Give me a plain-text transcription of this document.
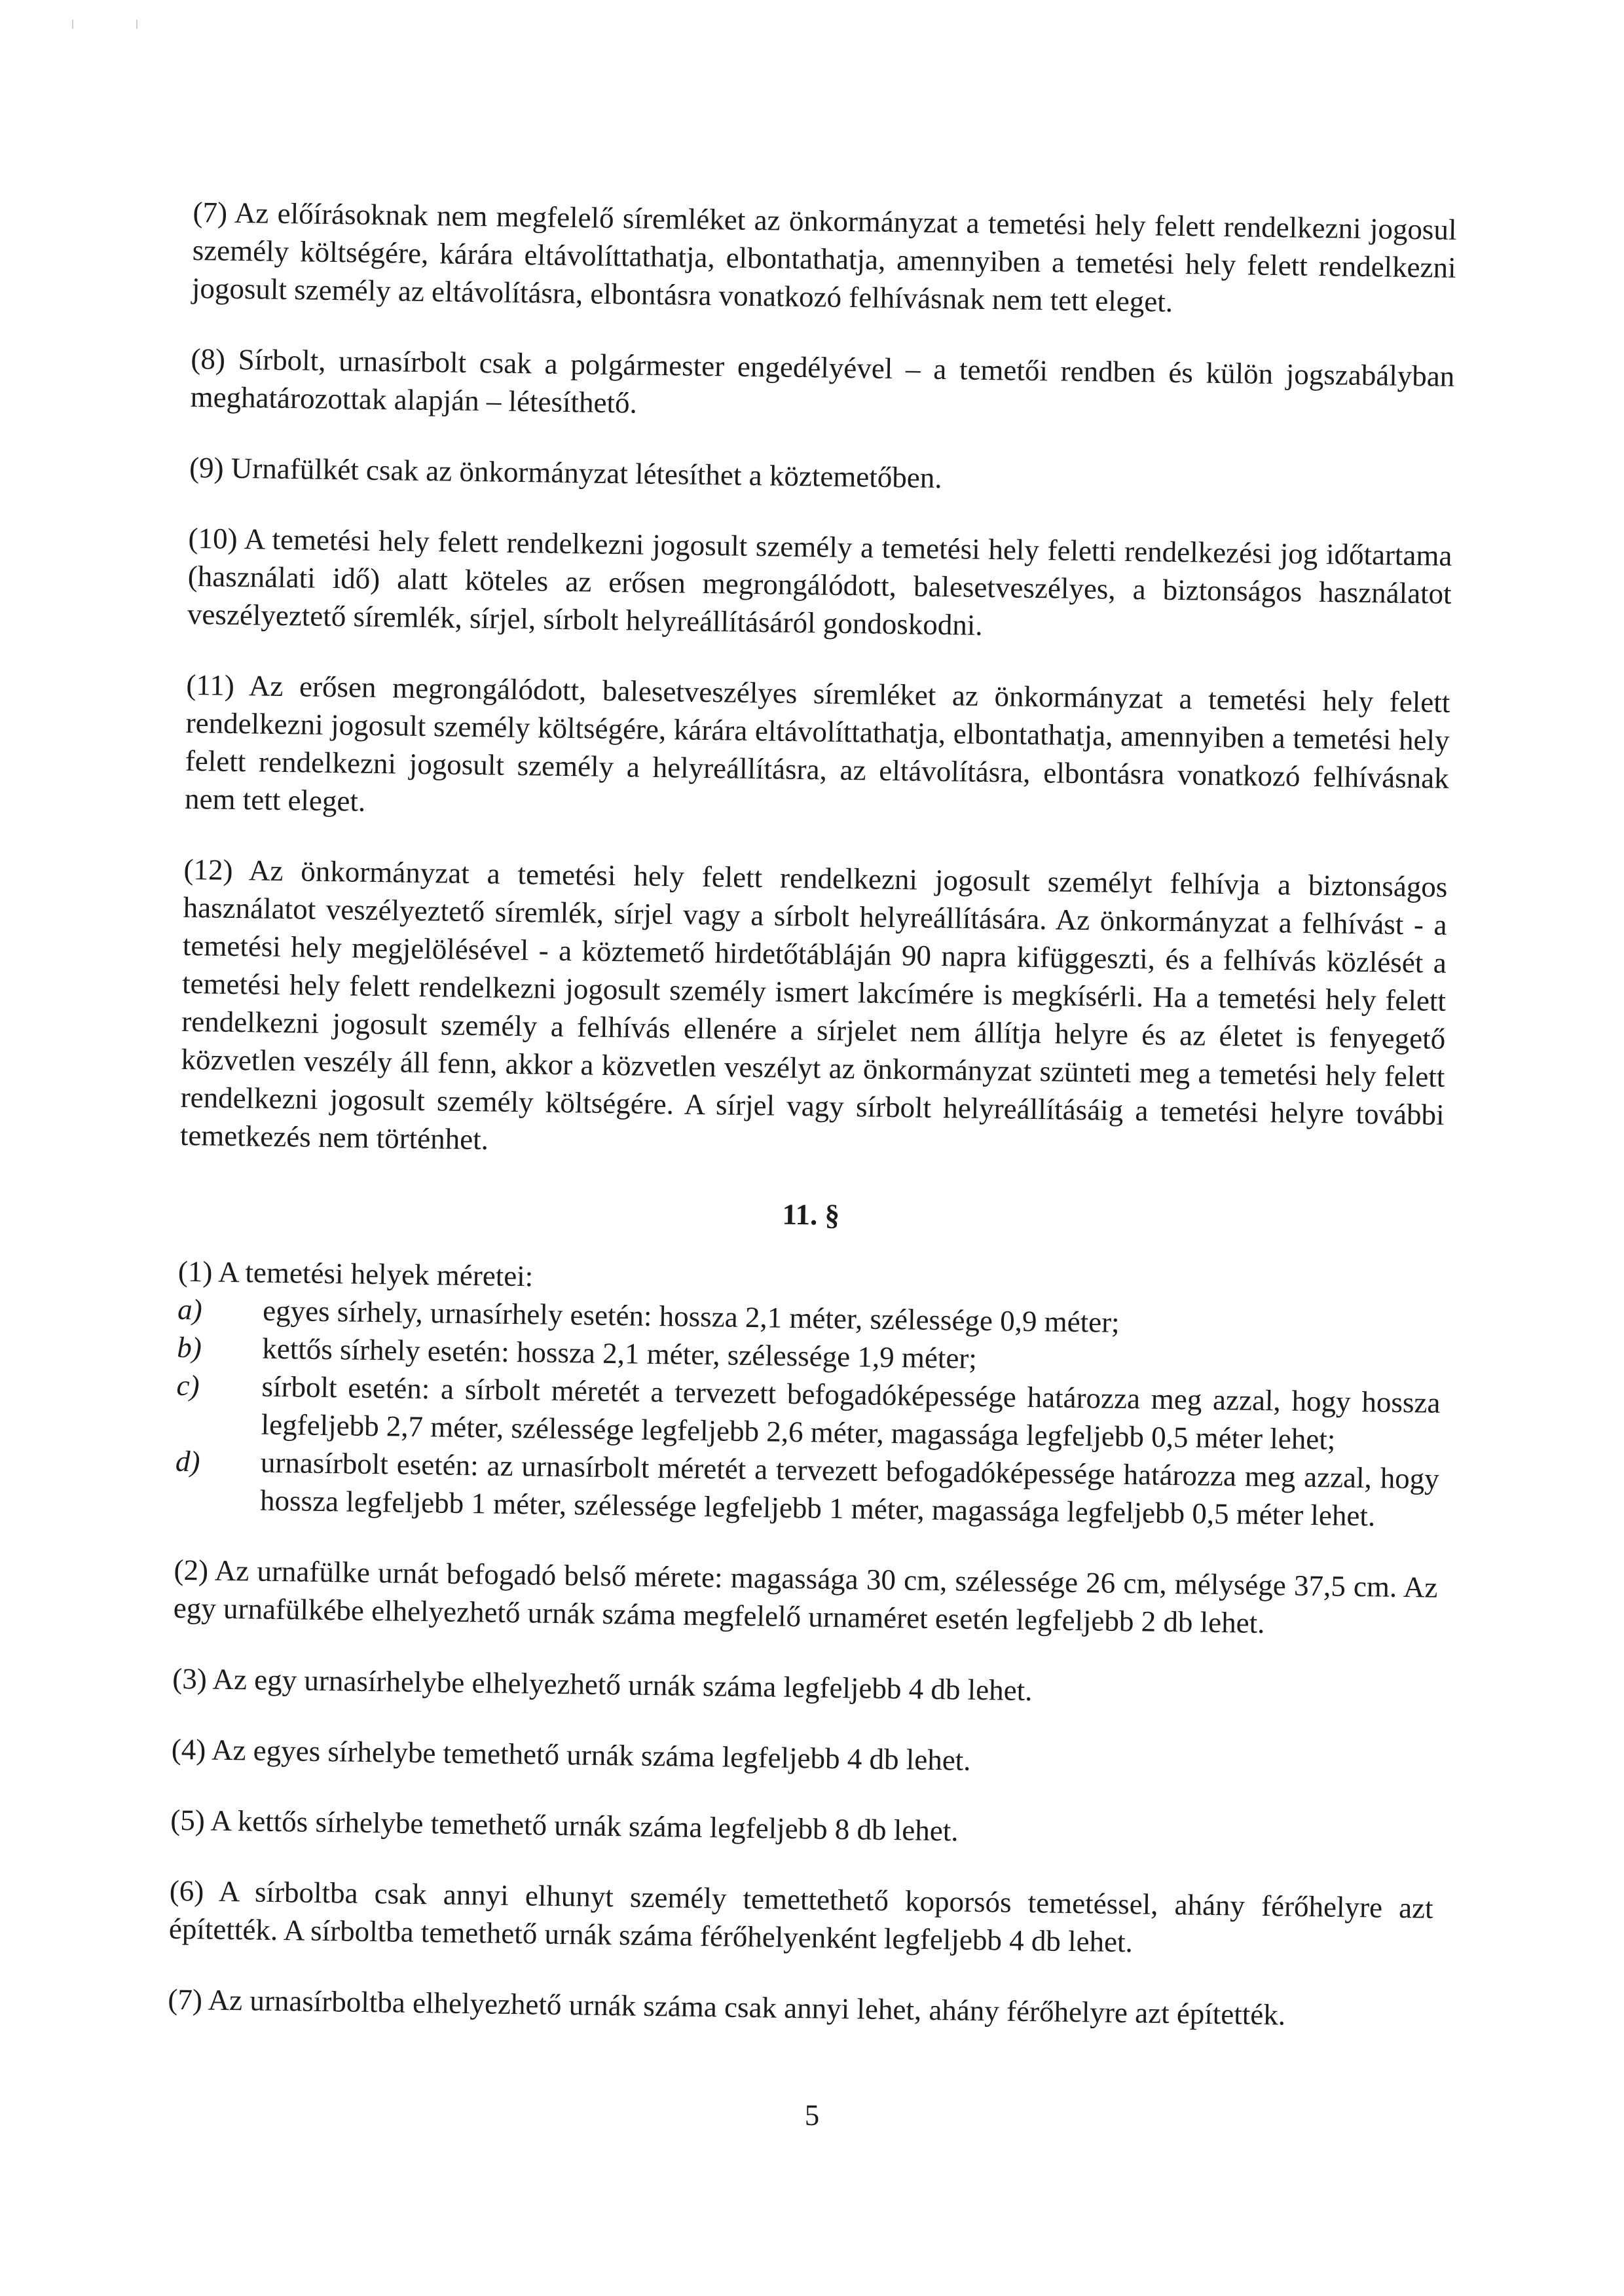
(7) Az előírásoknak nem megfelelő síremléket az önkormányzat a temetési hely felett rendelkezni jogosul személy költségére, kárára eltávolíttathatja, elbontathatja, amennyiben a temetési hely felett rendelkezni jogosult személy az eltávolításra, elbontásra vonatkozó felhívásnak nem tett eleget.

(8) Sírbolt, urnasírbolt csak a polgármester engedélyével – a temetői rendben és külön jogszabályban meghatározottak alapján – létesíthető.

(9) Urnafülkét csak az önkormányzat létesíthet a köztemetőben.

(10) A temetési hely felett rendelkezni jogosult személy a temetési hely feletti rendelkezési jog időtartama (használati idő) alatt köteles az erősen megrongálódott, balesetveszélyes, a biztonságos használatot veszélyeztető síremlék, sírjel, sírbolt helyreállításáról gondoskodni.

(11) Az erősen megrongálódott, balesetveszélyes síremléket az önkormányzat a temetési hely felett rendelkezni jogosult személy költségére, kárára eltávolíttathatja, elbontathatja, amennyiben a temetési hely felett rendelkezni jogosult személy a helyreállításra, az eltávolításra, elbontásra vonatkozó felhívásnak nem tett eleget.

(12) Az önkormányzat a temetési hely felett rendelkezni jogosult személyt felhívja a biztonságos használatot veszélyeztető síremlék, sírjel vagy a sírbolt helyreállítására. Az önkormányzat a felhívást - a temetési hely megjelölésével - a köztemető hirdetőtábláján 90 napra kifüggeszti, és a felhívás közlését a temetési hely felett rendelkezni jogosult személy ismert lakcímére is megkísérli. Ha a temetési hely felett rendelkezni jogosult személy a felhívás ellenére a sírjelet nem állítja helyre és az életet is fenyegető közvetlen veszély áll fenn, akkor a közvetlen veszélyt az önkormányzat szünteti meg a temetési hely felett rendelkezni jogosult személy költségére. A sírjel vagy sírbolt helyreállításáig a temetési helyre további temetkezés nem történhet.

11. §

(1) A temetési helyek méretei:

a)	egyes sírhely, urnasírhely esetén: hossza 2,1 méter, szélessége 0,9 méter;
b)	kettős sírhely esetén: hossza 2,1 méter, szélessége 1,9 méter;
c)	sírbolt esetén: a sírbolt méretét a tervezett befogadóképessége határozza meg azzal, hogy hossza legfeljebb 2,7 méter, szélessége legfeljebb 2,6 méter, magassága legfeljebb 0,5 méter lehet;
d)	urnasírbolt esetén: az urnasírbolt méretét a tervezett befogadóképessége határozza meg azzal, hogy hossza legfeljebb 1 méter, szélessége legfeljebb 1 méter, magassága legfeljebb 0,5 méter lehet.

(2) Az urnafülke urnát befogadó belső mérete: magassága 30 cm, szélessége 26 cm, mélysége 37,5 cm. Az egy urnafülkébe elhelyezhető urnák száma megfelelő urnaméret esetén legfeljebb 2 db lehet.

(3) Az egy urnasírhelybe elhelyezhető urnák száma legfeljebb 4 db lehet.

(4) Az egyes sírhelybe temethető urnák száma legfeljebb 4 db lehet.

(5) A kettős sírhelybe temethető urnák száma legfeljebb 8 db lehet.

(6) A sírboltba csak annyi elhunyt személy temettethető koporsós temetéssel, ahány férőhelyre azt építették. A sírboltba temethető urnák száma férőhelyenként legfeljebb 4 db lehet.

(7) Az urnasírboltba elhelyezhető urnák száma csak annyi lehet, ahány férőhelyre azt építették.

5
